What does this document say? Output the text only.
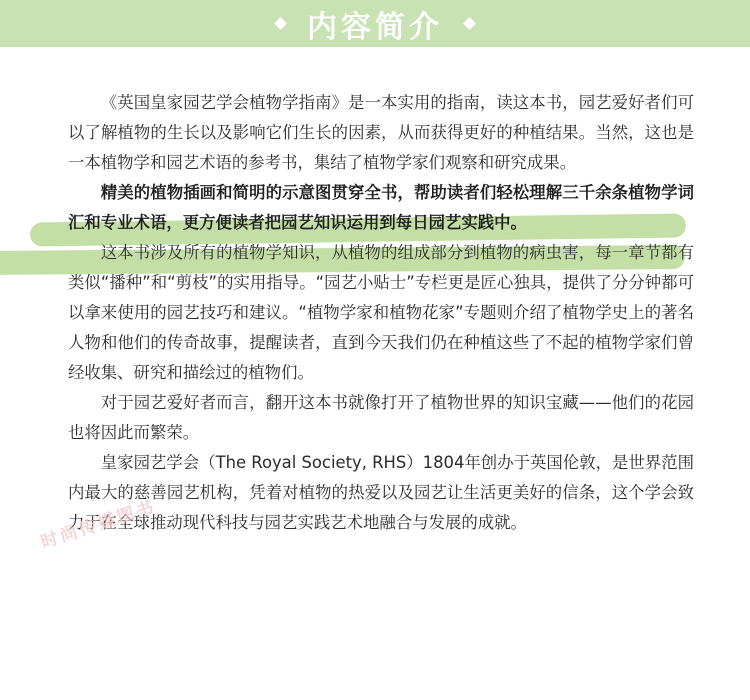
内容简介

《英国皇家园艺学会植物学指南》是一本实用的指南，读这本书，园艺爱好者们可以了解植物的生长以及影响它们生长的因素，从而获得更好的种植结果。当然，这也是一本植物学和园艺术语的参考书，集结了植物学家们观察和研究成果。

精美的植物插画和简明的示意图贯穿全书，帮助读者们轻松理解三千余条植物学词汇和专业术语，更方便读者把园艺知识运用到每日园艺实践中。

这本书涉及所有的植物学知识，从植物的组成部分到植物的病虫害，每一章节都有类似“播种”和“剪枝”的实用指导。“园艺小贴士”专栏更是匠心独具，提供了分分钟都可以拿来使用的园艺技巧和建议。“植物学家和植物花家”专题则介绍了植物学史上的著名人物和他们的传奇故事，提醒读者，直到今天我们仍在种植这些了不起的植物学家们曾经收集、研究和描绘过的植物们。

对于园艺爱好者而言，翻开这本书就像打开了植物世界的知识宝藏——他们的花园也将因此而繁荣。

皇家园艺学会（The Royal Society, RHS）1804年创办于英国伦敦，是世界范围内最大的慈善园艺机构，凭着对植物的热爱以及园艺让生活更美好的信条，这个学会致力于在全球推动现代科技与园艺实践艺术地融合与发展的成就。

时尚传媒图书
